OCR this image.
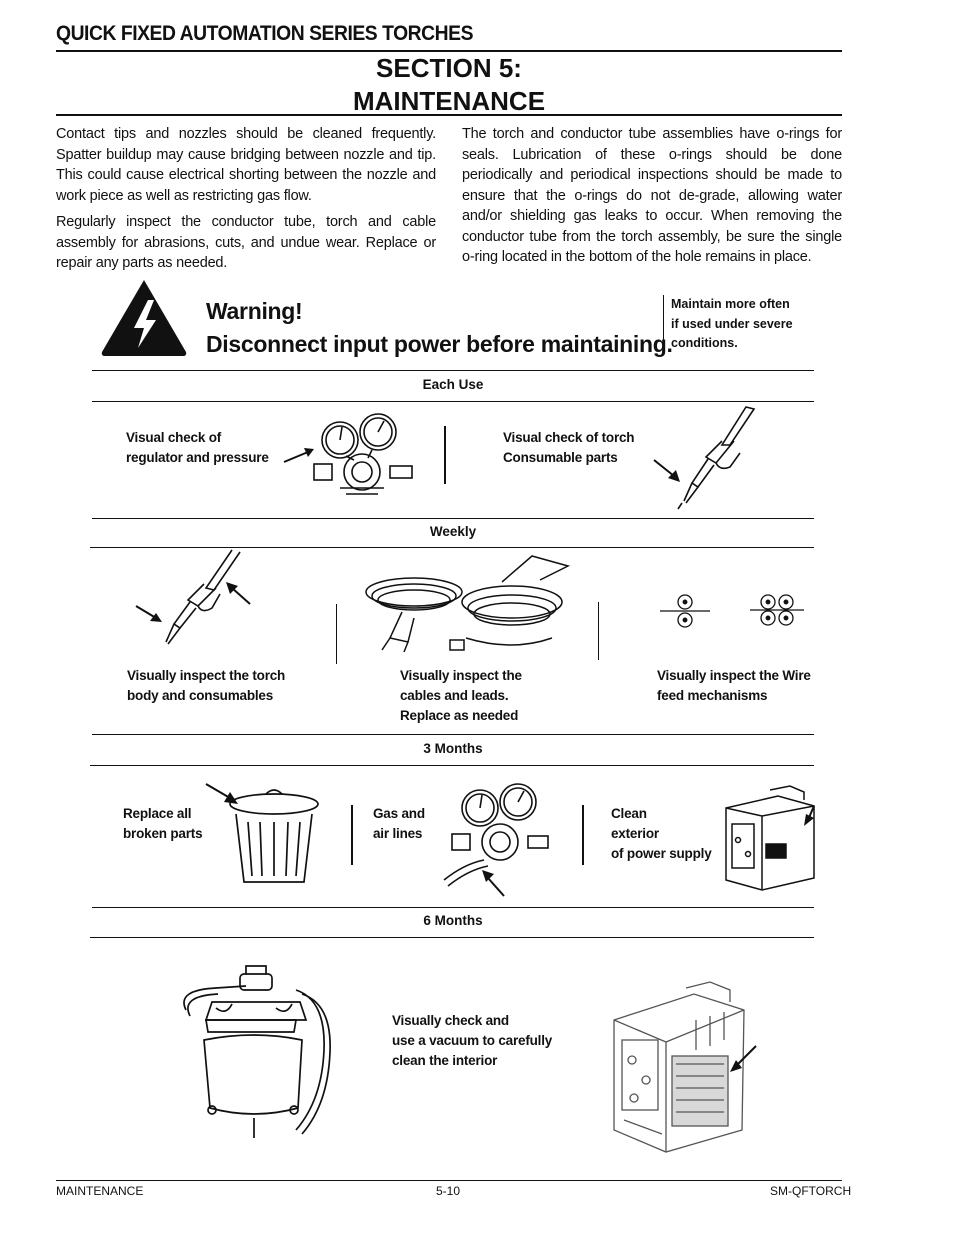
QUICK FIXED AUTOMATION SERIES TORCHES
SECTION 5:
MAINTENANCE

Contact tips and nozzles should be cleaned frequently. Spatter buildup may cause bridging between nozzle and tip. This could cause electrical shorting between the nozzle and work piece as well as restricting gas flow.

Regularly inspect the conductor tube, torch and cable assembly for abrasions, cuts, and undue wear. Replace or repair any parts as needed.

The torch and conductor tube assemblies have o-rings for seals. Lubrication of these o-rings should be done periodically and periodical inspections should be made to ensure that the o-rings do not de-grade, allowing water and/or shielding gas leaks to occur. When removing the conductor tube from the torch assembly, be sure the single o-ring located in the bottom of the hole remains in place.

Warning!
Disconnect input power before maintaining.
Maintain more often
if used under severe
conditions.
Each Use
Visual check of
regulator and pressure
Visual check of torch
Consumable parts
Weekly
Visually inspect the torch
body and consumables
Visually inspect the
cables and leads.
Replace as needed
Visually inspect the Wire
feed mechanisms
3 Months
Replace all
broken parts
Gas and
air lines
Clean
exterior
of power supply
6 Months
Visually check and
use a vacuum to carefully
clean the interior
MAINTENANCE	5-10	SM-QFTORCH
